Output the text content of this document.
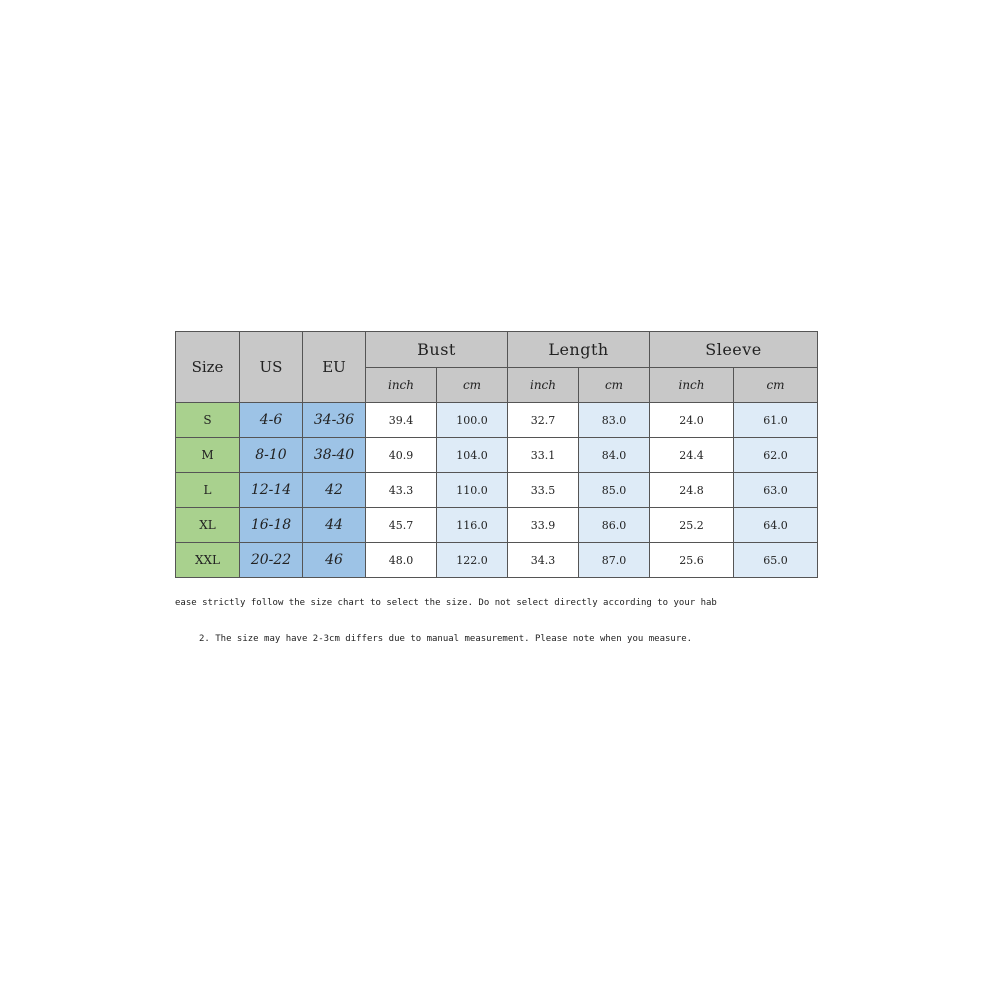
Size	US	EU	Bust		Length		Sleeve	
			inch	cm	inch	cm	inch	cm
S	4-6	34-36	39.4	100.0	32.7	83.0	24.0	61.0
M	8-10	38-40	40.9	104.0	33.1	84.0	24.4	62.0
L	12-14	42	43.3	110.0	33.5	85.0	24.8	63.0
XL	16-18	44	45.7	116.0	33.9	86.0	25.2	64.0
XXL	20-22	46	48.0	122.0	34.3	87.0	25.6	65.0
ease strictly follow the size chart to select the size. Do not select directly according to your hab
2. The size may have 2-3cm differs due to manual measurement. Please note when you measure.
